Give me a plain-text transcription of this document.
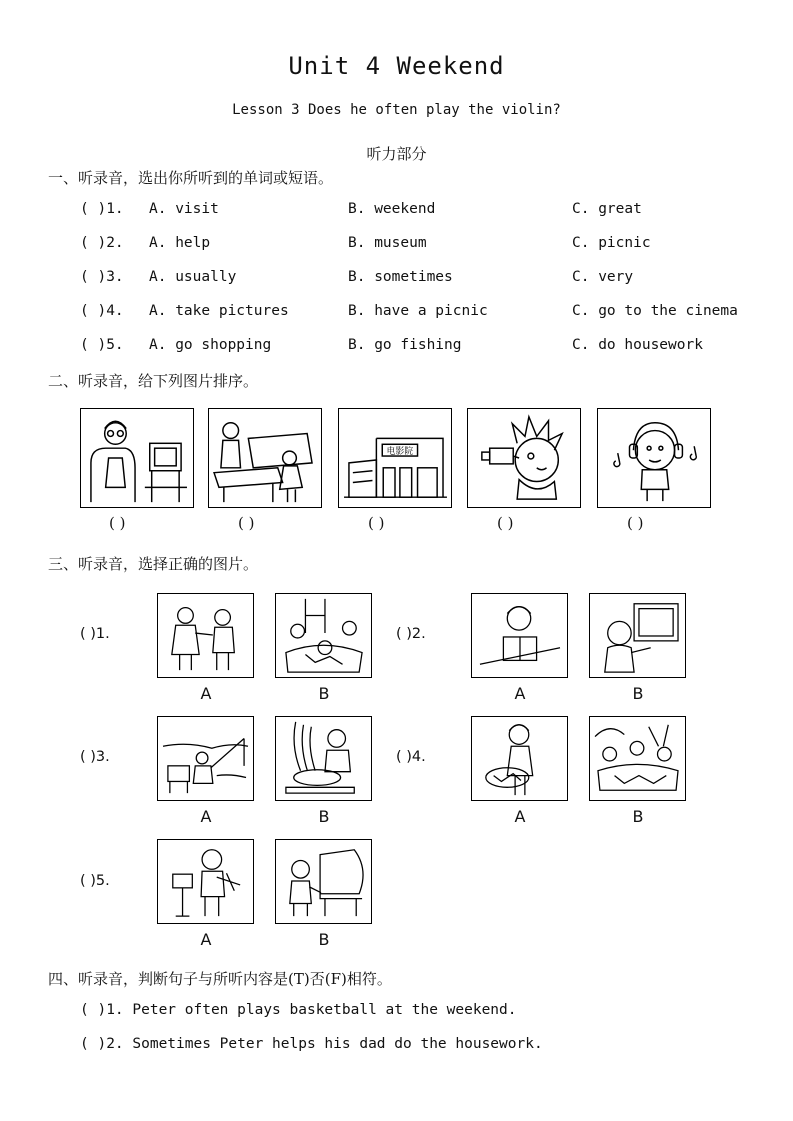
Unit 4 Weekend
Lesson 3 Does he often play the violin?
听力部分
一、听录音，选出你所听到的单词或短语。
( )1. A. visit	B. weekend	C. great
( )2. A. help	B. museum	C. picnic
( )3. A. usually	B. sometimes	C. very
( )4. A. take pictures	B. have a picnic	C. go to the cinema
( )5. A. go shopping	B. go fishing	C. do housework
二、听录音，给下列图片排序。
电影院
( )	( )	( )	( )	( )
三、听录音，选择正确的图片。
( )1.
A	B
( )2.
A	B
( )3.
A	B
( )4.
A	B
( )5.
A	B
四、听录音，判断句子与所听内容是(T)否(F)相符。
( )1. Peter often plays basketball at the weekend.
( )2. Sometimes Peter helps his dad do the housework.
